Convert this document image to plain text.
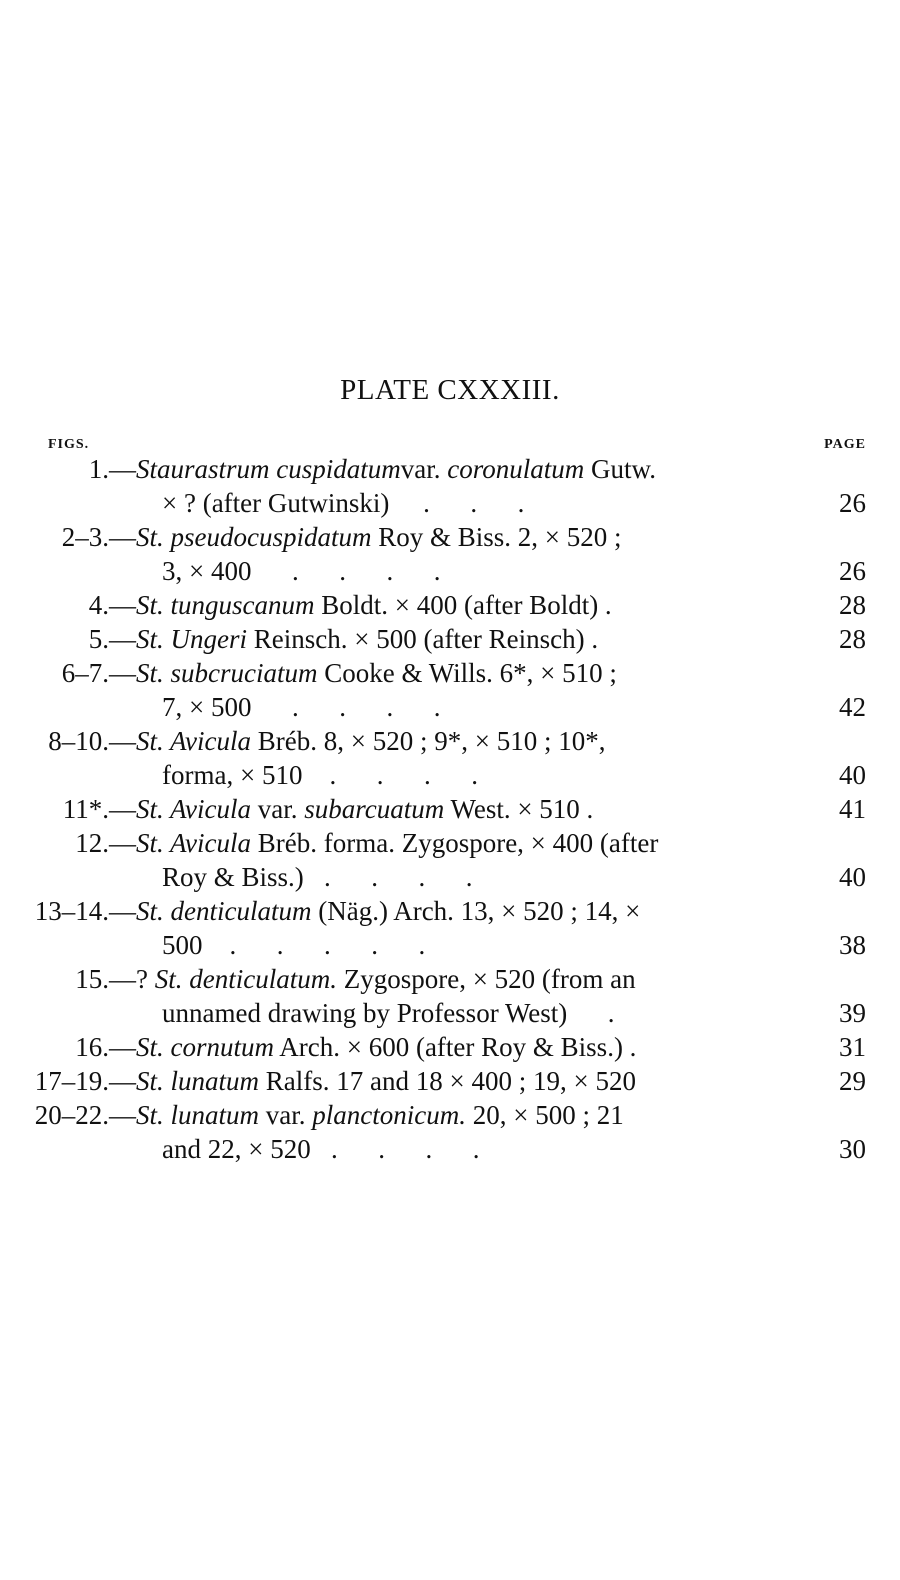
PLATE CXXXIII.
FIGS.	PAGE
1.— Staurastrum cuspidatumvar. coronulatum Gutw.
× ? (after Gutwinski)     .      .      .	26
2–3.— St. pseudocuspidatum Roy & Biss. 2, × 520 ;
3, × 400      .      .      .      .	26
4.— St. tunguscanum Boldt. × 400 (after Boldt) .	28
5.— St. Ungeri Reinsch. × 500 (after Reinsch) .	28
6–7.— St. subcruciatum Cooke & Wills. 6*, × 510 ;
7, × 500      .      .      .      .	42
8–10.— St. Avicula Bréb. 8, × 520 ; 9*, × 510 ; 10*,
forma, × 510    .      .      .      .	40
11*.— St. Avicula var. subarcuatum West. × 510 .	41
12.— St. Avicula Bréb. forma. Zygospore, × 400 (after
Roy & Biss.)   .      .      .      .	40
13–14.— St. denticulatum (Näg.) Arch. 13, × 520 ; 14, ×
500    .      .      .      .      .	38
15.— ? St. denticulatum. Zygospore, × 520 (from an
unnamed drawing by Professor West)      .	39
16.— St. cornutum Arch. × 600 (after Roy & Biss.) .	31
17–19.— St. lunatum Ralfs. 17 and 18 × 400 ; 19, × 520	29
20–22.— St. lunatum var. planctonicum. 20, × 500 ; 21
and 22, × 520   .      .      .      .	30
